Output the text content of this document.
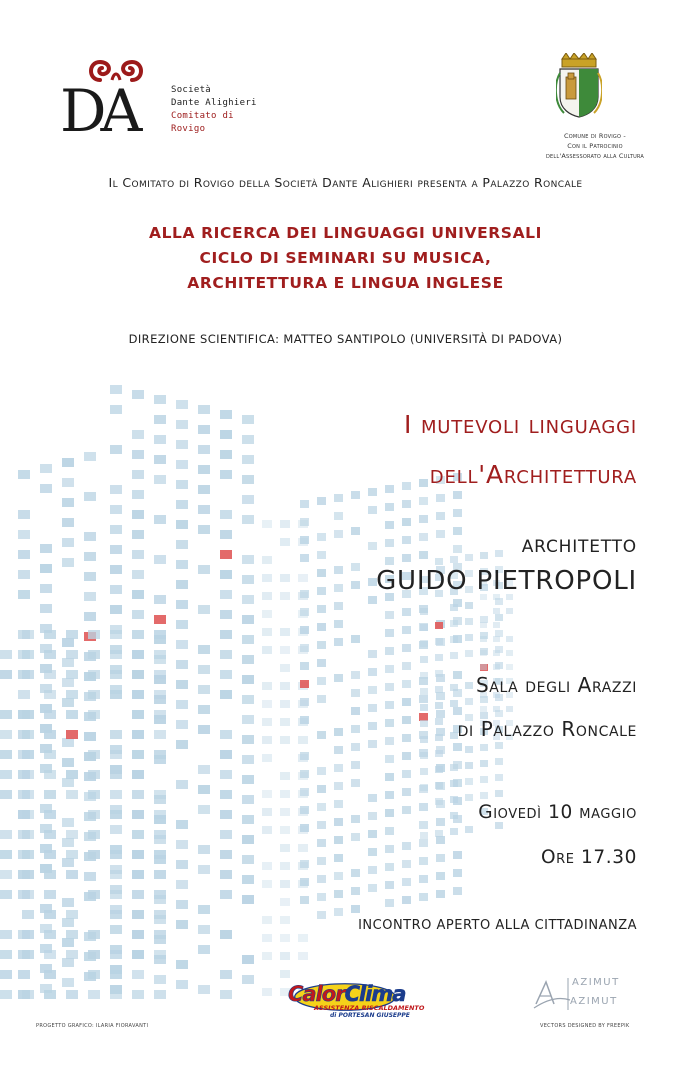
DA	Società
Dante Alighieri
Comitato di
Rovigo
Comune di Rovigo -
Con il Patrocinio
dell'Assessorato alla Cultura
Il Comitato di Rovigo della Società Dante Alighieri presenta a Palazzo Roncale
ALLA RICERCA DEI LINGUAGGI UNIVERSALI
CICLO DI SEMINARI SU MUSICA,
ARCHITETTURA E LINGUA INGLESE
DIREZIONE SCIENTIFICA: MATTEO SANTIPOLO (UNIVERSITÀ DI PADOVA)
I mutevoli linguaggi
dell'Architettura
ARCHITETTO
GUIDO PIETROPOLI
Sala degli Arazzi
di Palazzo Roncale
Giovedì 10 maggio
Ore 17.30
INCONTRO APERTO ALLA CITTADINANZA
CalorClima
ASSISTENZA RISCALDAMENTO
di PORTESAN GIUSEPPE
AZIMUT
AZIMUT
PROGETTO GRAFICO: ILARIA FIORAVANTI	VECTORS DESIGNED BY FREEPIK
